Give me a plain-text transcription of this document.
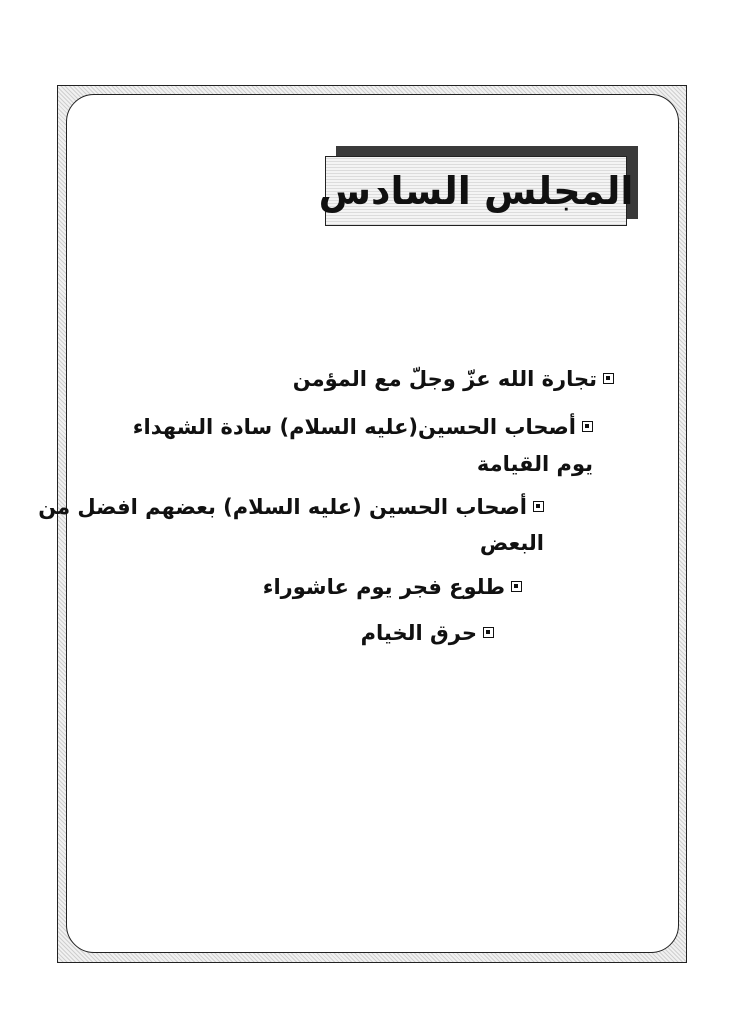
المجلس السادس
تجارة الله عزّ وجلّ مع المؤمن
أصحاب الحسين(عليه السلام) سادة الشهداء
يوم القيامة
أصحاب الحسين (عليه السلام) بعضهم افضل من
البعض
طلوع فجر يوم عاشوراء
حرق الخيام
